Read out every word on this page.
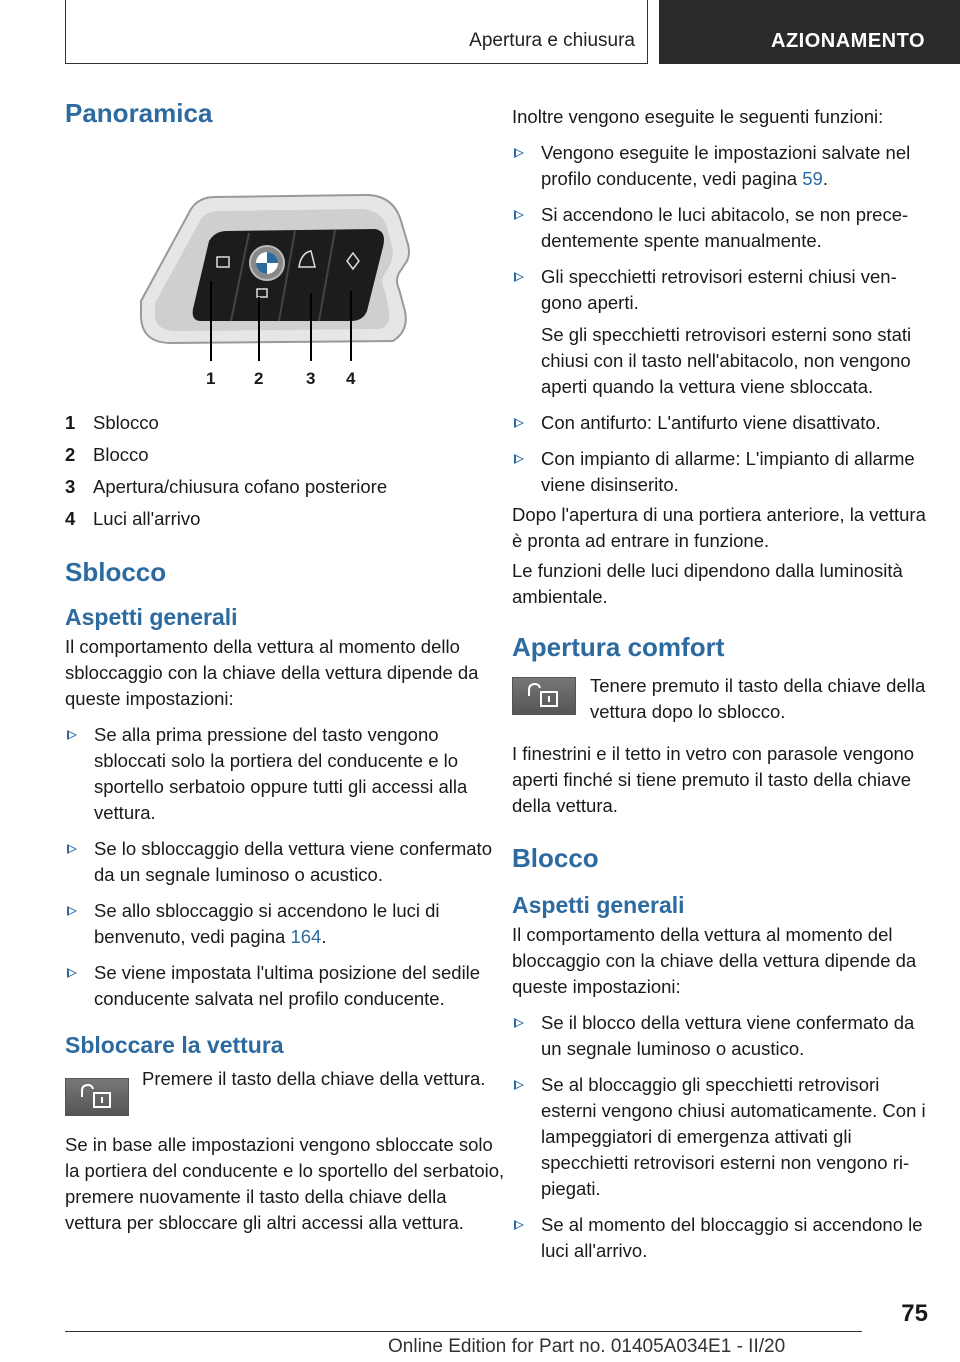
Apertura e chiusura	AZIONAMENTO
Panoramica
1 2	3 4
1 Sblocco
2 Blocco
3 Apertura/chiusura cofano posteriore
4 Luci all'arrivo
Sblocco
Aspetti generali

Il comportamento della vettura al momento dello sbloccaggio con la chiave della vettura dipende da queste impostazioni:

Se alla prima pressione del tasto vengono sbloccati solo la portiera del conducente e lo sportello serbatoio oppure tutti gli accessi alla vettura.
Se lo sbloccaggio della vettura viene confermato da un segnale luminoso o acustico.
Se allo sbloccaggio si accendono le luci di benvenuto, vedi pagina 164.
Se viene impostata l'ultima posizione del sedile conducente salvata nel profilo conducente.
Sbloccare la vettura

Premere il tasto della chiave della vettura.

Se in base alle impostazioni vengono sbloccate solo la portiera del conducente e lo sportello del serbatoio, premere nuovamente il tasto della chiave della vettura per sbloccare gli altri accessi alla vettura.

Inoltre vengono eseguite le seguenti funzioni:

Vengono eseguite le impostazioni salvate nel profilo conducente, vedi pagina 59.
Si accendono le luci abitacolo, se non precedentemente spente manualmente.
Gli specchietti retrovisori esterni chiusi vengono aperti.
Se gli specchietti retrovisori esterni sono stati chiusi con il tasto nell'abitacolo, non vengono aperti quando la vettura viene sbloccata.
Con antifurto: L'antifurto viene disattivato.
Con impianto di allarme: L'impianto di allarme viene disinserito.

Dopo l'apertura di una portiera anteriore, la vettura è pronta ad entrare in funzione.

Le funzioni delle luci dipendono dalla luminosità ambientale.

Apertura comfort

Tenere premuto il tasto della chiave della vettura dopo lo sblocco.

I finestrini e il tetto in vetro con parasole vengono aperti finché si tiene premuto il tasto della chiave della vettura.

Blocco
Aspetti generali

Il comportamento della vettura al momento del bloccaggio con la chiave della vettura dipende da queste impostazioni:

Se il blocco della vettura viene confermato da un segnale luminoso o acustico.
Se al bloccaggio gli specchietti retrovisori esterni vengono chiusi automaticamente. Con i lampeggiatori di emergenza attivati gli specchietti retrovisori esterni non vengono ripiegati.
Se al momento del bloccaggio si accendono le luci all'arrivo.
75
Online Edition for Part no. 01405A034E1 - II/20
